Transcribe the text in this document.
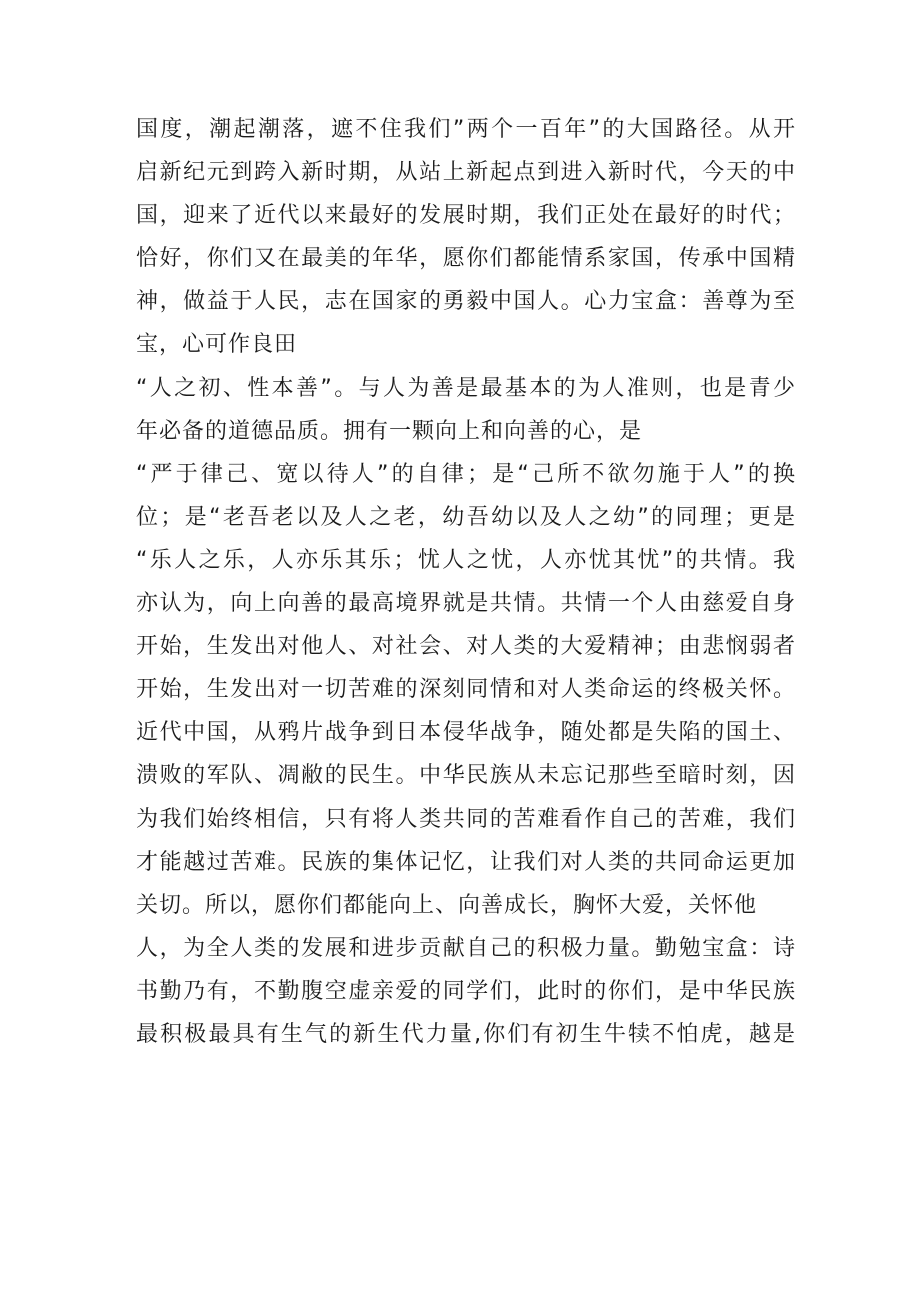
国度，潮起潮落，遮不住我们”两个一百年”的大国路径。从开
启新纪元到跨入新时期，从站上新起点到进入新时代，今天的中
国，迎来了近代以来最好的发展时期，我们正处在最好的时代；
恰好，你们又在最美的年华，愿你们都能情系家国，传承中国精
神，做益于人民，志在国家的勇毅中国人。心力宝盒：善尊为至
宝，心可作良田
“人之初、性本善”。与人为善是最基本的为人准则，也是青少
年必备的道德品质。拥有一颗向上和向善的心，是
“严于律己、宽以待人”的自律；是“己所不欲勿施于人”的换
位；是“老吾老以及人之老，幼吾幼以及人之幼”的同理；更是
“乐人之乐，人亦乐其乐；忧人之忧，人亦忧其忧”的共情。我
亦认为，向上向善的最高境界就是共情。共情一个人由慈爱自身
开始，生发出对他人、对社会、对人类的大爱精神；由悲悯弱者
开始，生发出对一切苦难的深刻同情和对人类命运的终极关怀。
近代中国，从鸦片战争到日本侵华战争，随处都是失陷的国土、
溃败的军队、凋敝的民生。中华民族从未忘记那些至暗时刻，因
为我们始终相信，只有将人类共同的苦难看作自己的苦难，我们
才能越过苦难。民族的集体记忆，让我们对人类的共同命运更加
关切。所以，愿你们都能向上、向善成长，胸怀大爱，关怀他
人，为全人类的发展和进步贡献自己的积极力量。勤勉宝盒：诗
书勤乃有，不勤腹空虚亲爱的同学们，此时的你们，是中华民族
最积极最具有生气的新生代力量,你们有初生牛犊不怕虎，越是
